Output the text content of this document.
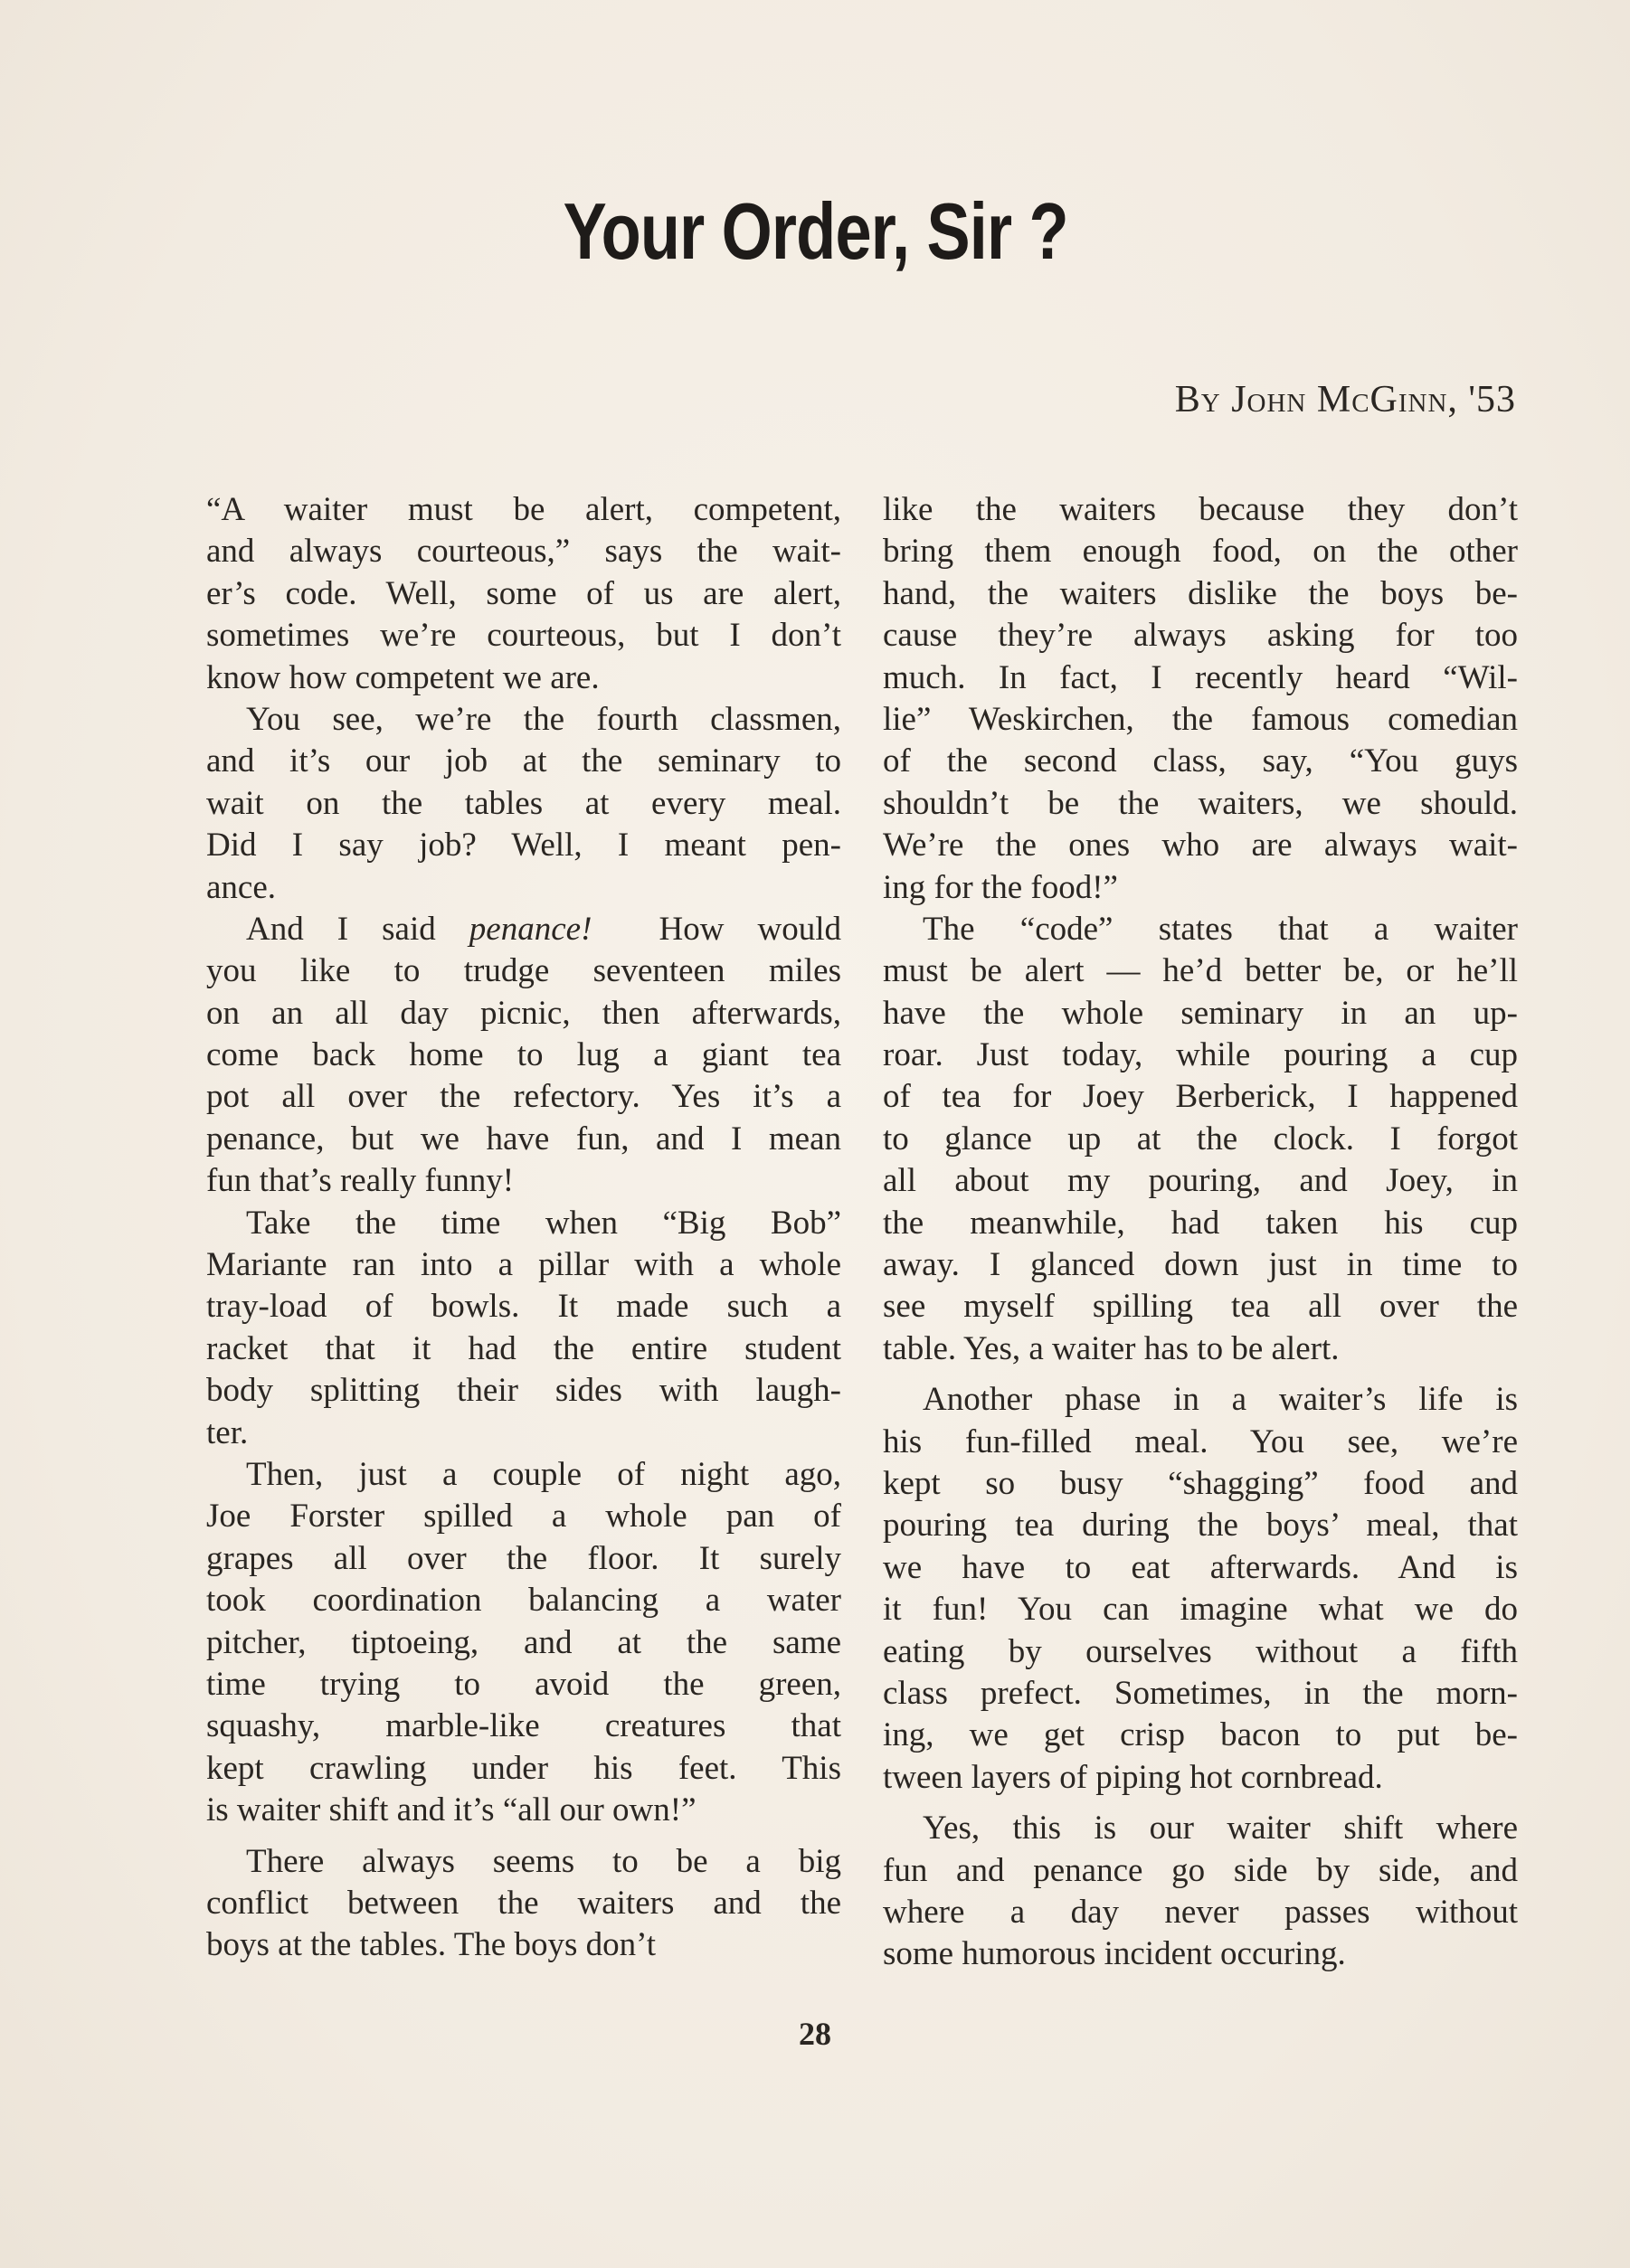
Your Order, Sir ?
By John McGinn, '53
“A waiter must be alert, competent,
and always courteous,” says the wait-
er’s code. Well, some of us are alert,
sometimes we’re courteous, but I don’t
know how competent we are.
You see, we’re the fourth classmen,
and it’s our job at the seminary to
wait on the tables at every meal.
Did I say job? Well, I meant pen-
ance.
And I said penance!  How would
you like to trudge seventeen miles
on an all day picnic, then afterwards,
come back home to lug a giant tea
pot all over the refectory. Yes it’s a
penance, but we have fun, and I mean
fun that’s really funny!
Take the time when “Big Bob”
Mariante ran into a pillar with a whole
tray-load of bowls. It made such a
racket that it had the entire student
body splitting their sides with laugh-
ter.
Then, just a couple of night ago,
Joe Forster spilled a whole pan of
grapes all over the floor. It surely
took coordination balancing a water
pitcher, tiptoeing, and at the same
time trying to avoid the green,
squashy, marble-like creatures that
kept crawling under his feet. This
is waiter shift and it’s “all our own!”
There always seems to be a big
conflict between the waiters and the
boys at the tables. The boys don’t
like the waiters because they don’t
bring them enough food, on the other
hand, the waiters dislike the boys be-
cause they’re always asking for too
much. In fact, I recently heard “Wil-
lie” Weskirchen, the famous comedian
of the second class, say, “You guys
shouldn’t be the waiters, we should.
We’re the ones who are always wait-
ing for the food!”
The “code” states that a waiter
must be alert — he’d better be, or he’ll
have the whole seminary in an up-
roar. Just today, while pouring a cup
of tea for Joey Berberick, I happened
to glance up at the clock. I forgot
all about my pouring, and Joey, in
the meanwhile, had taken his cup
away. I glanced down just in time to
see myself spilling tea all over the
table. Yes, a waiter has to be alert.
Another phase in a waiter’s life is
his fun-filled meal. You see, we’re
kept so busy “shagging” food and
pouring tea during the boys’ meal, that
we have to eat afterwards. And is
it fun! You can imagine what we do
eating by ourselves without a fifth
class prefect. Sometimes, in the morn-
ing, we get crisp bacon to put be-
tween layers of piping hot cornbread.
Yes, this is our waiter shift where
fun and penance go side by side, and
where a day never passes without
some humorous incident occuring.
28
